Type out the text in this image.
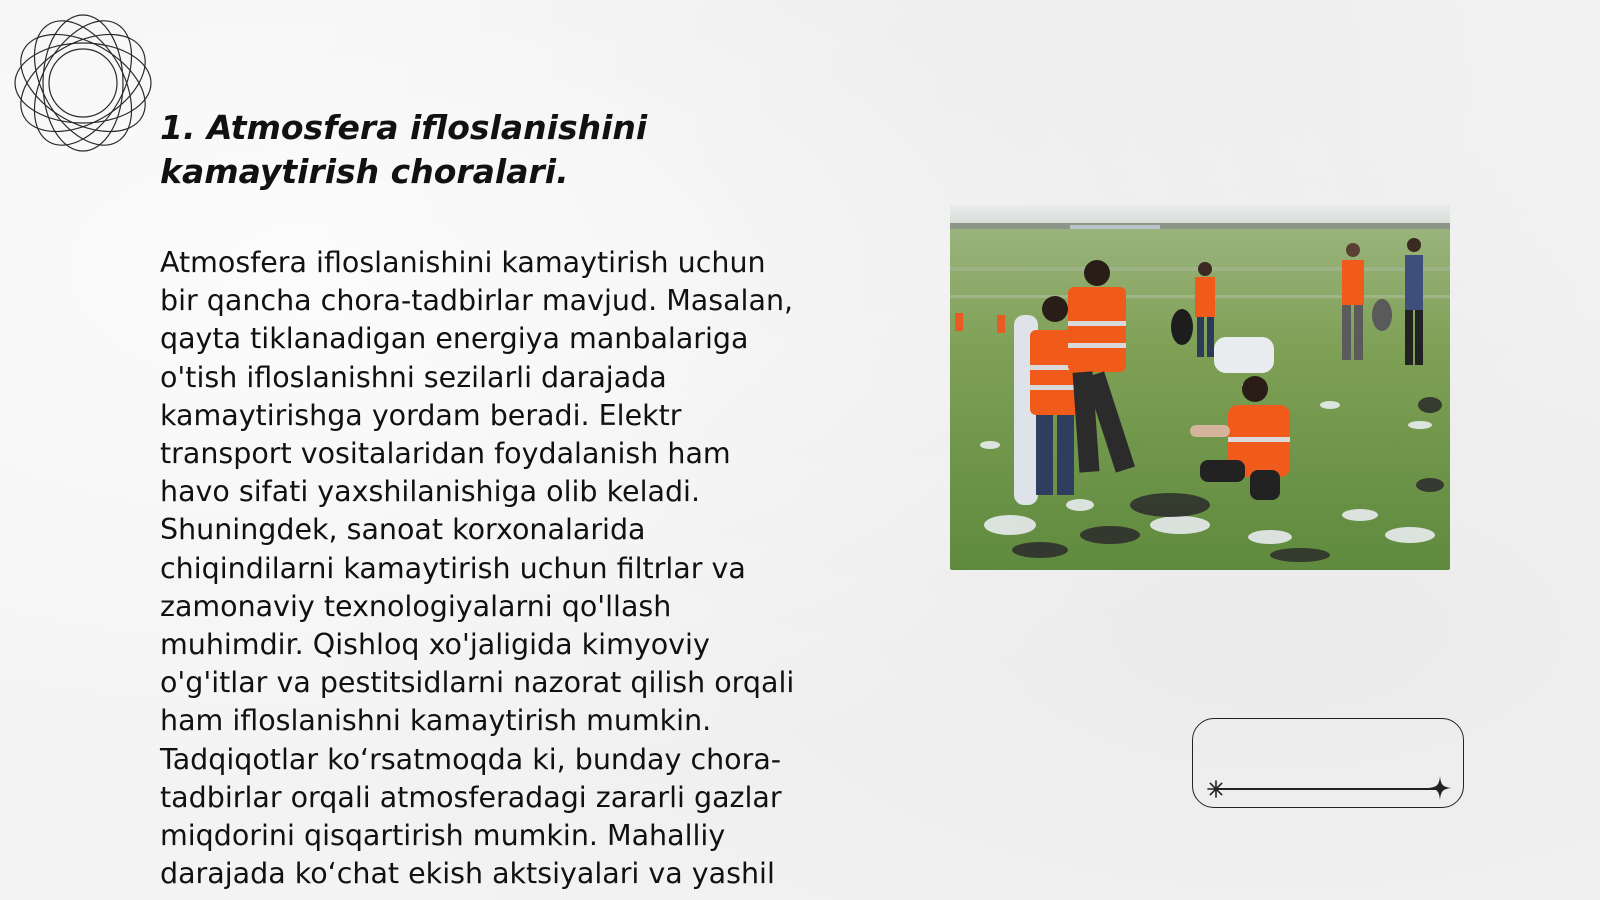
1. Atmosfera ifloslanishini
kamaytirish choralari.

Atmosfera ifloslanishini kamaytirish uchun
bir qancha chora-tadbirlar mavjud. Masalan,
qayta tiklanadigan energiya manbalariga
o'tish ifloslanishni sezilarli darajada
kamaytirishga yordam beradi. Elektr
transport vositalaridan foydalanish ham
havo sifati yaxshilanishiga olib keladi.
Shuningdek, sanoat korxonalarida
chiqindilarni kamaytirish uchun filtrlar va
zamonaviy texnologiyalarni qo'llash
muhimdir. Qishloq xo'jaligida kimyoviy
o'g'itlar va pestitsidlarni nazorat qilish orqali
ham ifloslanishni kamaytirish mumkin.
Tadqiqotlar ko‘rsatmoqda ki, bunday chora-
tadbirlar orqali atmosferadagi zararli gazlar
miqdorini qisqartirish mumkin. Mahalliy
darajada ko‘chat ekish aktsiyalari va yashil
